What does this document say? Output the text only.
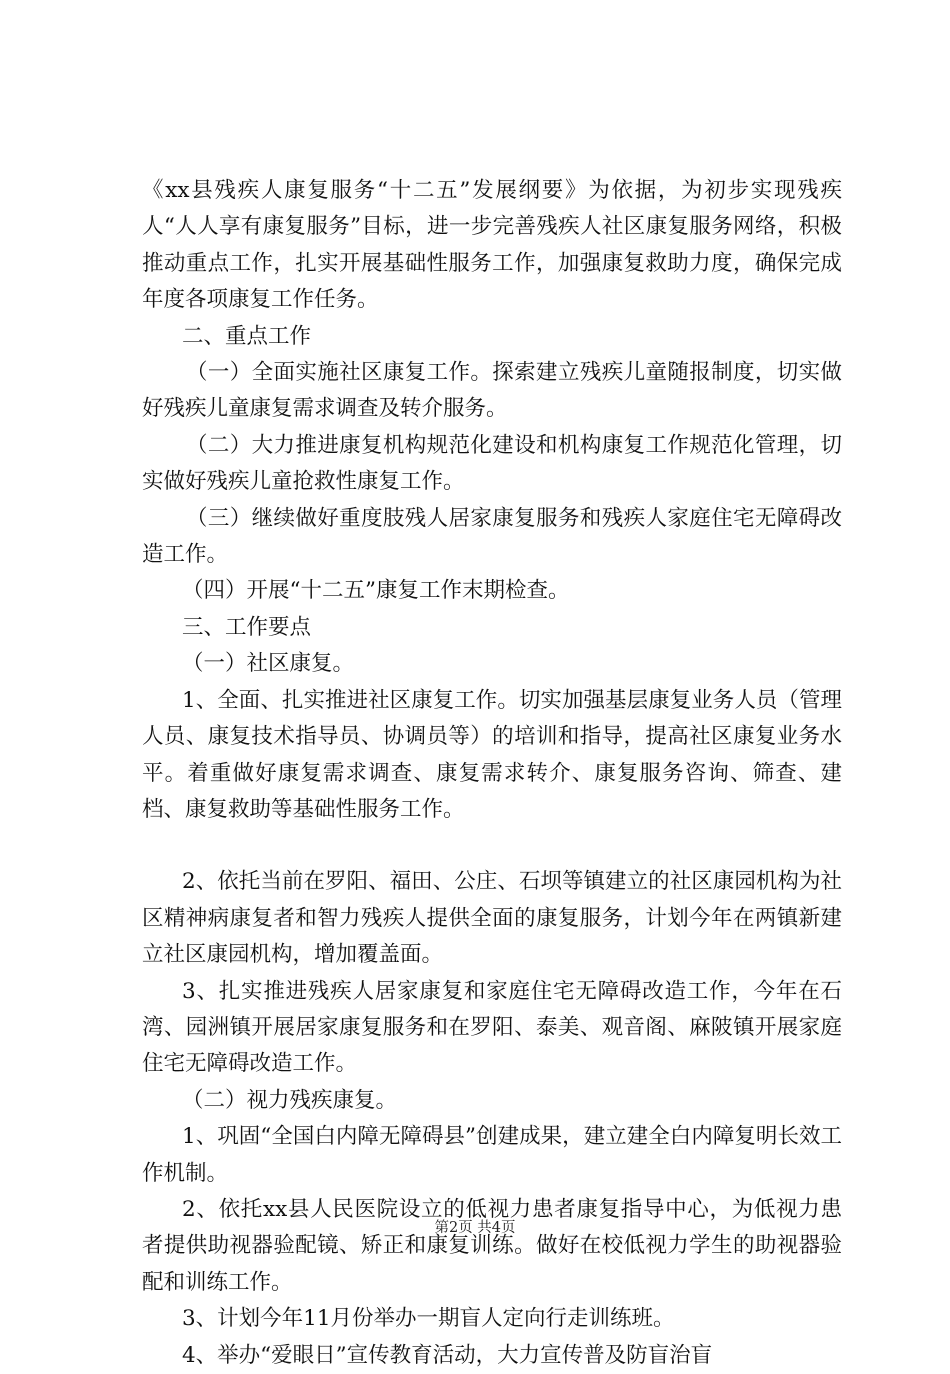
《xx县残疾人康复服务“十二五”发展纲要》为依据，为初步实现残疾人“人人享有康复服务”目标，进一步完善残疾人社区康复服务网络，积极推动重点工作，扎实开展基础性服务工作，加强康复救助力度，确保完成年度各项康复工作任务。

二、重点工作

（一）全面实施社区康复工作。探索建立残疾儿童随报制度，切实做好残疾儿童康复需求调查及转介服务。

（二）大力推进康复机构规范化建设和机构康复工作规范化管理，切实做好残疾儿童抢救性康复工作。

（三）继续做好重度肢残人居家康复服务和残疾人家庭住宅无障碍改造工作。

（四）开展“十二五”康复工作末期检查。

三、工作要点

（一）社区康复。

1、全面、扎实推进社区康复工作。切实加强基层康复业务人员（管理人员、康复技术指导员、协调员等）的培训和指导，提高社区康复业务水平。着重做好康复需求调查、康复需求转介、康复服务咨询、筛查、建档、康复救助等基础性服务工作。

2、依托当前在罗阳、福田、公庄、石坝等镇建立的社区康园机构为社区精神病康复者和智力残疾人提供全面的康复服务，计划今年在两镇新建立社区康园机构，增加覆盖面。

3、扎实推进残疾人居家康复和家庭住宅无障碍改造工作，今年在石湾、园洲镇开展居家康复服务和在罗阳、泰美、观音阁、麻陂镇开展家庭住宅无障碍改造工作。

（二）视力残疾康复。

1、巩固“全国白内障无障碍县”创建成果，建立建全白内障复明长效工作机制。

2、依托xx县人民医院设立的低视力患者康复指导中心，为低视力患者提供助视器验配镜、矫正和康复训练。做好在校低视力学生的助视器验配和训练工作。

3、计划今年11月份举办一期盲人定向行走训练班。

4、举办“爱眼日”宣传教育活动，大力宣传普及防盲治盲

第2页 共4页
